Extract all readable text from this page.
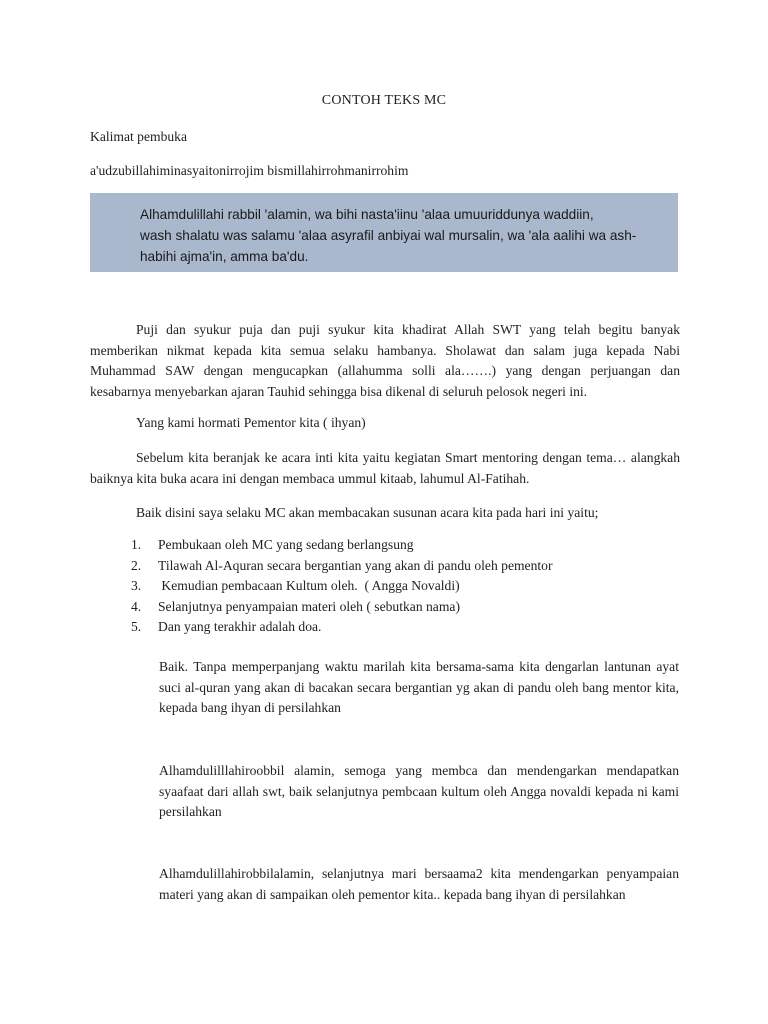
CONTOH TEKS MC
Kalimat pembuka
a'udzubillahiminasyaitonirrojim bismillahirrohmanirrohim
Alhamdulillahi rabbil 'alamin, wa bihi nasta'iinu 'alaa umuuriddunya waddiin,
wash shalatu was salamu 'alaa asyrafil anbiyai wal mursalin, wa 'ala aalihi wa ash-
habihi ajma'in, amma ba'du.
Puji dan syukur puja dan puji syukur kita khadirat Allah SWT yang telah begitu banyak memberikan nikmat kepada kita semua selaku hambanya. Sholawat dan salam juga kepada Nabi Muhammad SAW dengan mengucapkan (allahumma solli ala…….) yang dengan perjuangan dan kesabarnya menyebarkan ajaran Tauhid sehingga bisa dikenal di seluruh pelosok negeri ini.
Yang kami hormati Pementor kita ( ihyan)
Sebelum kita beranjak ke acara inti kita yaitu kegiatan Smart mentoring dengan tema… alangkah baiknya kita buka acara ini dengan membaca ummul kitaab, lahumul Al-Fatihah.
Baik disini saya selaku MC akan membacakan susunan acara kita pada hari ini yaitu;
1. Pembukaan oleh MC yang sedang berlangsung
2. Tilawah Al-Aquran secara bergantian yang akan di pandu oleh pementor
3. Kemudian pembacaan Kultum oleh.  ( Angga Novaldi)
4. Selanjutnya penyampaian materi oleh ( sebutkan nama)
5. Dan yang terakhir adalah doa.
Baik. Tanpa memperpanjang waktu marilah kita bersama-sama kita dengarlan lantunan ayat suci al-quran yang akan di bacakan secara bergantian yg akan di pandu oleh bang mentor kita, kepada bang ihyan di persilahkan
Alhamdulilllahiroobbil alamin, semoga yang membca dan mendengarkan mendapatkan syaafaat dari allah swt, baik selanjutnya pembcaan kultum oleh Angga novaldi kepada ni kami persilahkan
Alhamdulillahirobbilalamin, selanjutnya mari bersaama2 kita mendengarkan penyampaian materi yang akan di sampaikan oleh pementor kita.. kepada bang ihyan di persilahkan
